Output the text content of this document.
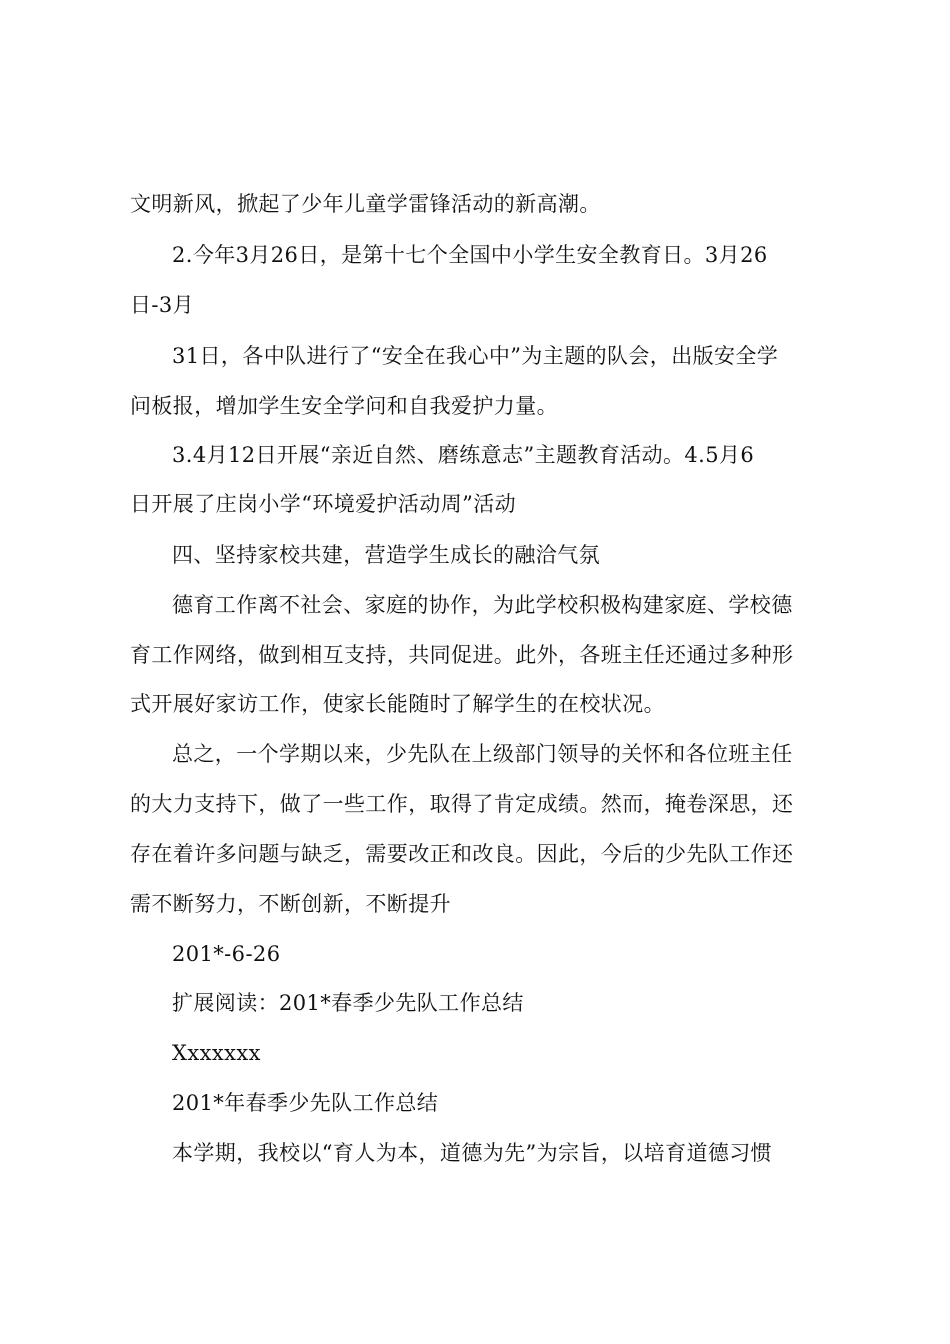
文明新风，掀起了少年儿童学雷锋活动的新高潮。
2.今年3月26日，是第十七个全国中小学生安全教育日。3月26
日-3月
31日，各中队进行了“安全在我心中”为主题的队会，出版安全学
问板报，增加学生安全学问和自我爱护力量。
3.4月12日开展“亲近自然、磨练意志”主题教育活动。4.5月6
日开展了庄岗小学“环境爱护活动周”活动
四、坚持家校共建，营造学生成长的融洽气氛
德育工作离不社会、家庭的协作，为此学校积极构建家庭、学校德
育工作网络，做到相互支持，共同促进。此外，各班主任还通过多种形
式开展好家访工作，使家长能随时了解学生的在校状况。
总之，一个学期以来，少先队在上级部门领导的关怀和各位班主任
的大力支持下，做了一些工作，取得了肯定成绩。然而，掩卷深思，还
存在着许多问题与缺乏，需要改正和改良。因此，今后的少先队工作还
需不断努力，不断创新，不断提升
201*-6-26
扩展阅读：201*春季少先队工作总结
Xxxxxxx
201*年春季少先队工作总结
本学期，我校以“育人为本，道德为先”为宗旨，以培育道德习惯
